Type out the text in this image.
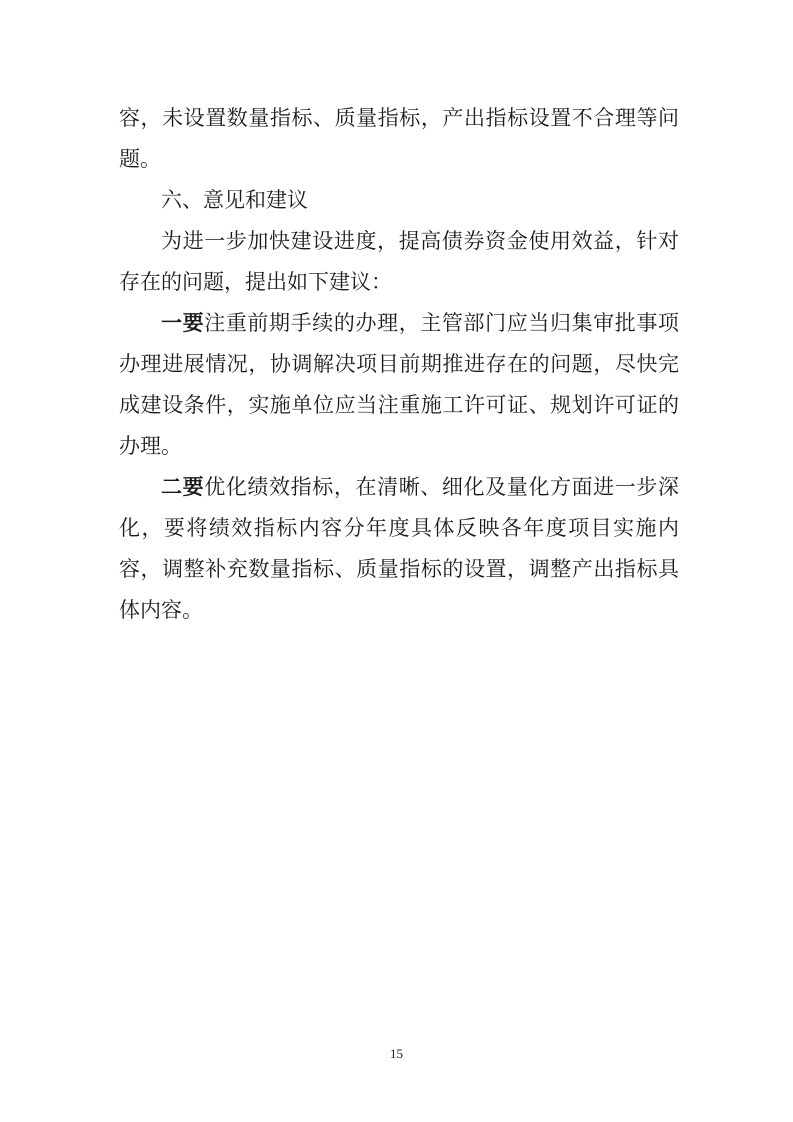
容，未设置数量指标、质量指标，产出指标设置不合理等问题。

六、意见和建议

为进一步加快建设进度，提高债券资金使用效益，针对存在的问题，提出如下建议：

一要注重前期手续的办理，主管部门应当归集审批事项办理进展情况，协调解决项目前期推进存在的问题，尽快完成建设条件，实施单位应当注重施工许可证、规划许可证的办理。

二要优化绩效指标，在清晰、细化及量化方面进一步深化，要将绩效指标内容分年度具体反映各年度项目实施内容，调整补充数量指标、质量指标的设置，调整产出指标具体内容。

15
